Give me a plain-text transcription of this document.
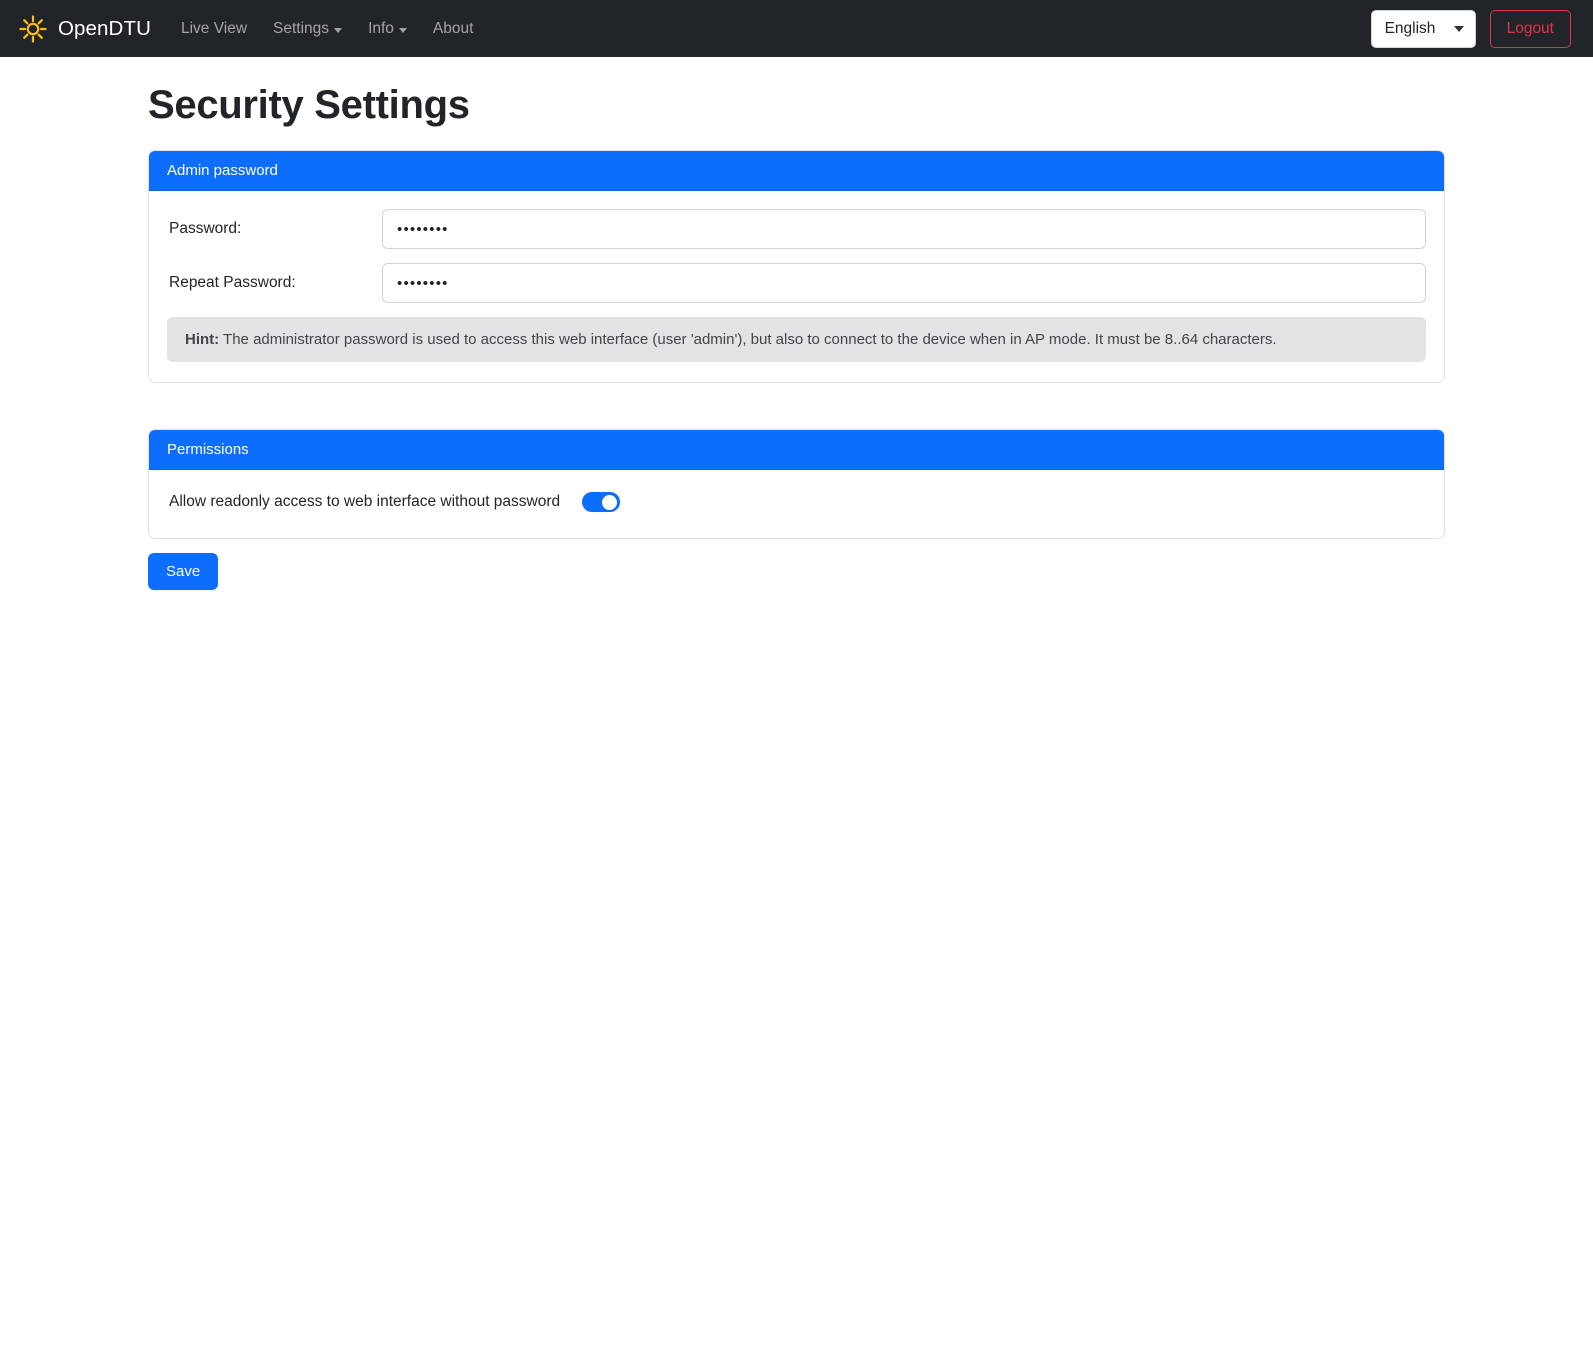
OpenDTU Live View Settings	Info	About	English	Logout
Security Settings
Admin password
Password:
••••••••
Repeat Password:
••••••••
Hint: The administrator password is used to access this web interface (user 'admin'), but also to connect to the device when in AP mode. It must be 8..64 characters.
Permissions
Allow readonly access to web interface without password
Save
